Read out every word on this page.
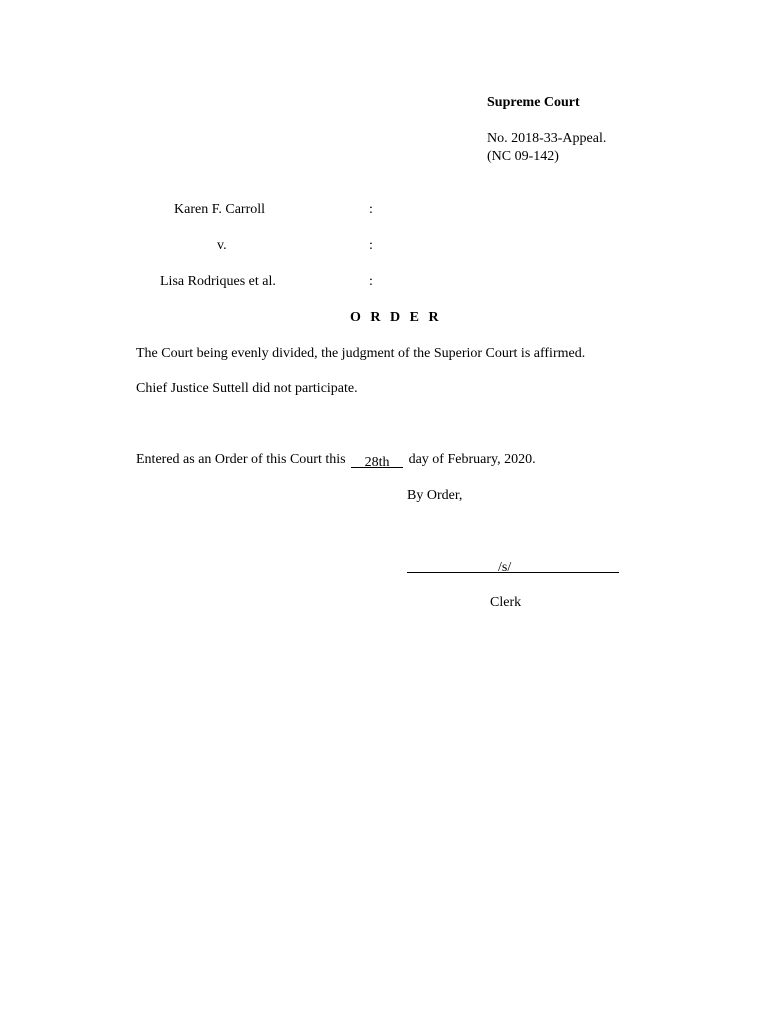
Supreme Court
No. 2018-33-Appeal.
(NC 09-142)
Karen F. Carroll	:
v.	:
Lisa Rodriques et al.	:
O R D E R
The Court being evenly divided, the judgment of the Superior Court is affirmed.
Chief Justice Suttell did not participate.
Entered as an Order of this Court this 28th day of February, 2020.
By Order,
/s/
Clerk
